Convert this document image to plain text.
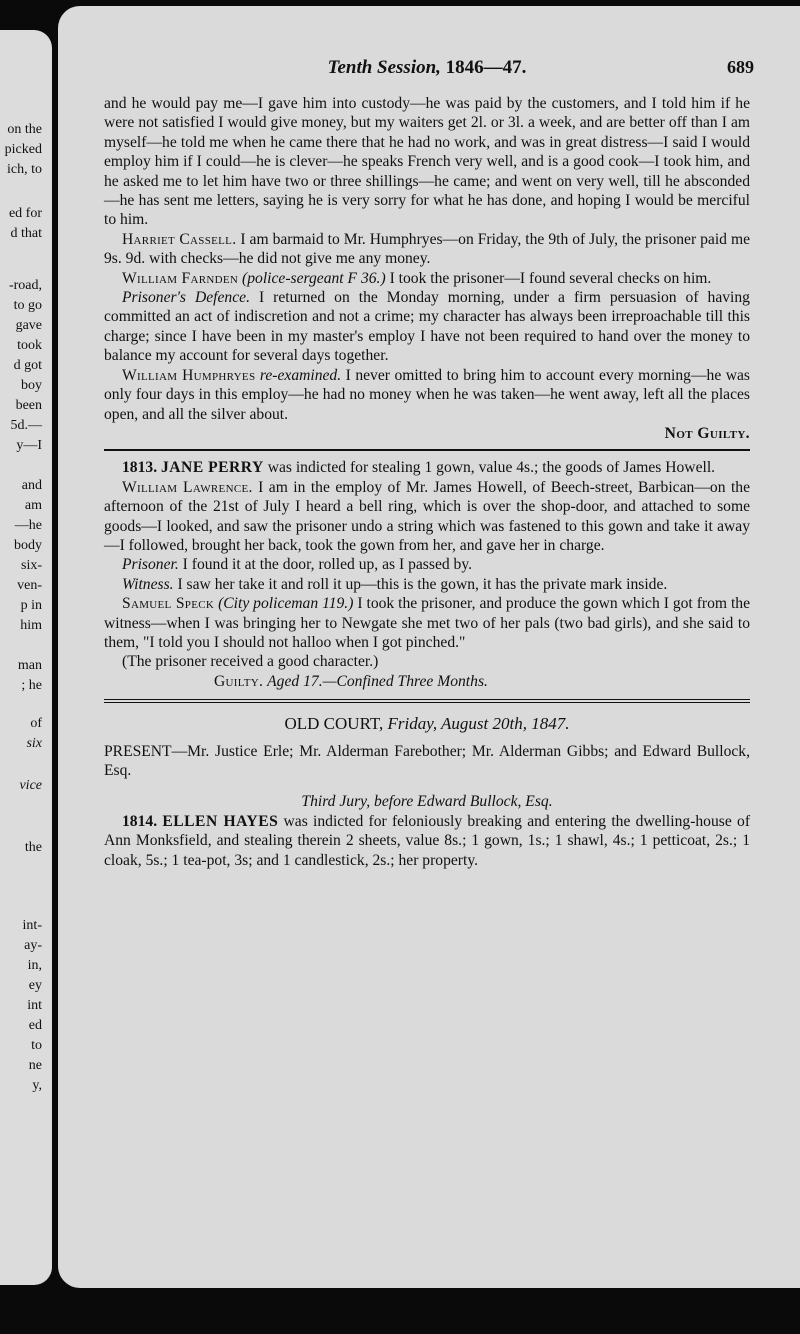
on the
picked
ich, to
ed for
d that
-road,
to go
gave
took
d got
boy
been
5d.—
y—I
and
am
—he
body
six-
ven-
p in
him
man
; he
of
six
vice
the
int-
ay-
in,
ey
int
ed
to
ne
y,
Tenth Session, 1846—47.	689

and he would pay me—I gave him into custody—he was paid by the customers, and I told him if he were not satisfied I would give money, but my waiters get 2l. or 3l. a week, and are better off than I am myself—he told me when he came there that he had no work, and was in great distress—I said I would employ him if I could—he is clever—he speaks French very well, and is a good cook—I took him, and he asked me to let him have two or three shillings—he came; and went on very well, till he absconded—he has sent me letters, saying he is very sorry for what he has done, and hoping I would be merciful to him.

Harriet Cassell. I am barmaid to Mr. Humphryes—on Friday, the 9th of July, the prisoner paid me 9s. 9d. with checks—he did not give me any money.

William Farnden (police-sergeant F 36.) I took the prisoner—I found several checks on him.

Prisoner's Defence. I returned on the Monday morning, under a firm persuasion of having committed an act of indiscretion and not a crime; my character has always been irreproachable till this charge; since I have been in my master's employ I have not been required to hand over the money to balance my account for several days together.

William Humphryes re-examined. I never omitted to bring him to account every morning—he was only four days in this employ—he had no money when he was taken—he went away, left all the places open, and all the silver about.

Not Guilty.

1813. JANE PERRY was indicted for stealing 1 gown, value 4s.; the goods of James Howell.

William Lawrence. I am in the employ of Mr. James Howell, of Beech-street, Barbican—on the afternoon of the 21st of July I heard a bell ring, which is over the shop-door, and attached to some goods—I looked, and saw the prisoner undo a string which was fastened to this gown and take it away—I followed, brought her back, took the gown from her, and gave her in charge.

Prisoner. I found it at the door, rolled up, as I passed by.

Witness. I saw her take it and roll it up—this is the gown, it has the private mark inside.

Samuel Speck (City policeman 119.) I took the prisoner, and produce the gown which I got from the witness—when I was bringing her to Newgate she met two of her pals (two bad girls), and she said to them, "I told you I should not halloo when I got pinched."

(The prisoner received a good character.)

Guilty. Aged 17.—Confined Three Months.

OLD COURT, Friday, August 20th, 1847.

PRESENT—Mr. Justice Erle; Mr. Alderman Farebother; Mr. Alderman Gibbs; and Edward Bullock, Esq.

Third Jury, before Edward Bullock, Esq.

1814. ELLEN HAYES was indicted for feloniously breaking and entering the dwelling-house of Ann Monksfield, and stealing therein 2 sheets, value 8s.; 1 gown, 1s.; 1 shawl, 4s.; 1 petticoat, 2s.; 1 cloak, 5s.; 1 tea-pot, 3s; and 1 candlestick, 2s.; her property.
